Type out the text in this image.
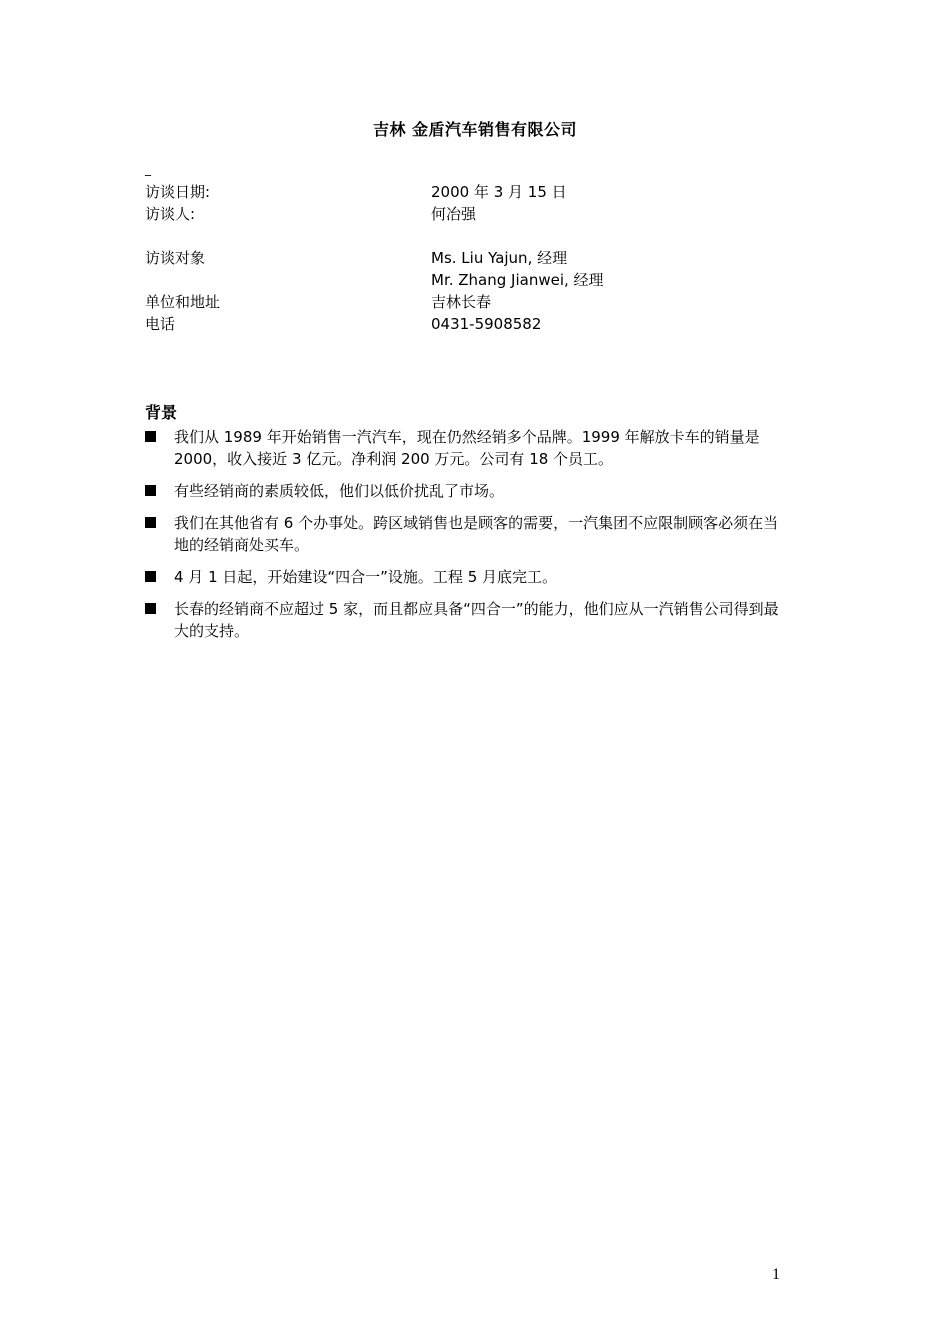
吉林 金盾汽车销售有限公司
_
访谈日期:	2000 年 3 月 15 日
访谈人:	何冶强
访谈对象	Ms. Liu Yajun, 经理
Mr. Zhang Jianwei, 经理
单位和地址	吉林长春
电话	0431-5908582
背景
我们从 1989 年开始销售一汽汽车，现在仍然经销多个品牌。1999 年解放卡车的销量是 2000，收入接近 3 亿元。净利润 200 万元。公司有 18 个员工。
有些经销商的素质较低，他们以低价扰乱了市场。
我们在其他省有 6 个办事处。跨区域销售也是顾客的需要，一汽集团不应限制顾客必须在当地的经销商处买车。
4 月 1 日起，开始建设“四合一”设施。工程 5 月底完工。
长春的经销商不应超过 5 家，而且都应具备“四合一”的能力，他们应从一汽销售公司得到最大的支持。
1
